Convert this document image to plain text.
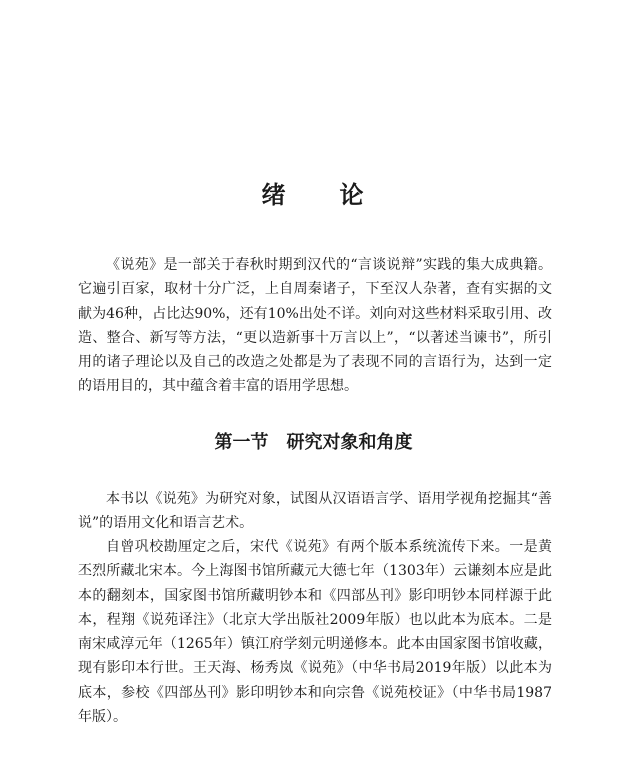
绪　　论

《说苑》是一部关于春秋时期到汉代的“言谈说辩”实践的集大成典籍。它遍引百家，取材十分广泛，上自周秦诸子，下至汉人杂著，查有实据的文献为46种，占比达90%，还有10%出处不详。刘向对这些材料采取引用、改造、整合、新写等方法，“更以造新事十万言以上”，“以著述当谏书”，所引用的诸子理论以及自己的改造之处都是为了表现不同的言语行为，达到一定的语用目的，其中蕴含着丰富的语用学思想。

第一节　研究对象和角度

本书以《说苑》为研究对象，试图从汉语语言学、语用学视角挖掘其“善说”的语用文化和语言艺术。

自曾巩校勘厘定之后，宋代《说苑》有两个版本系统流传下来。一是黄丕烈所藏北宋本。今上海图书馆所藏元大德七年（1303年）云谦刻本应是此本的翻刻本，国家图书馆所藏明钞本和《四部丛刊》影印明钞本同样源于此本，程翔《说苑译注》（北京大学出版社2009年版）也以此本为底本。二是南宋咸淳元年（1265年）镇江府学刻元明递修本。此本由国家图书馆收藏，现有影印本行世。王天海、杨秀岚《说苑》（中华书局2019年版）以此本为底本，参校《四部丛刊》影印明钞本和向宗鲁《说苑校证》（中华书局1987年版）。
